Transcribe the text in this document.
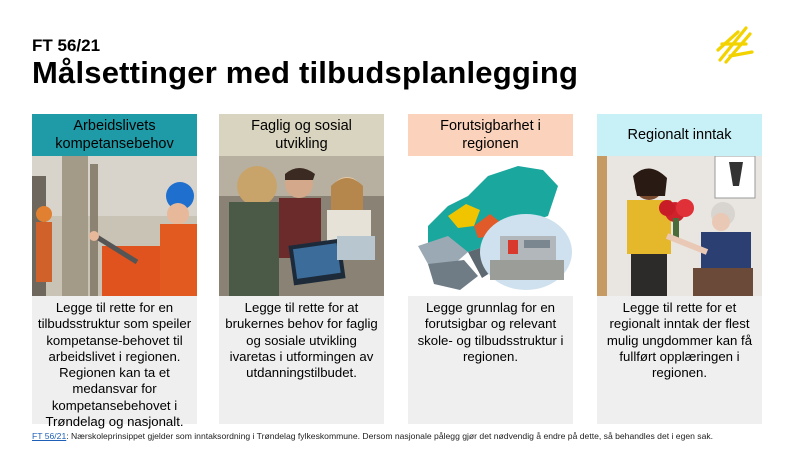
FT 56/21
Målsettinger med tilbudsplanlegging
Arbeidslivets kompetansebehov
Legge til rette for en tilbudsstruktur som speiler kompetanse-behovet til arbeidslivet i regionen. Regionen kan ta et medansvar for kompetansebehovet i Trøndelag og nasjonalt.
Faglig og sosial utvikling
Legge til rette for at brukernes behov for faglig og sosiale utvikling ivaretas i utformingen av utdanningstilbudet.
Forutsigbarhet i regionen
Legge grunnlag for en forutsigbar og relevant skole- og tilbudsstruktur i regionen.
Regionalt inntak
Legge til rette for et regionalt inntak der flest mulig ungdommer kan få fullført opplæringen i regionen.
FT 56/21: Nærskoleprinsippet gjelder som inntaksordning i Trøndelag fylkeskommune. Dersom nasjonale pålegg gjør det nødvendig å endre på dette, så behandles det i egen sak.
